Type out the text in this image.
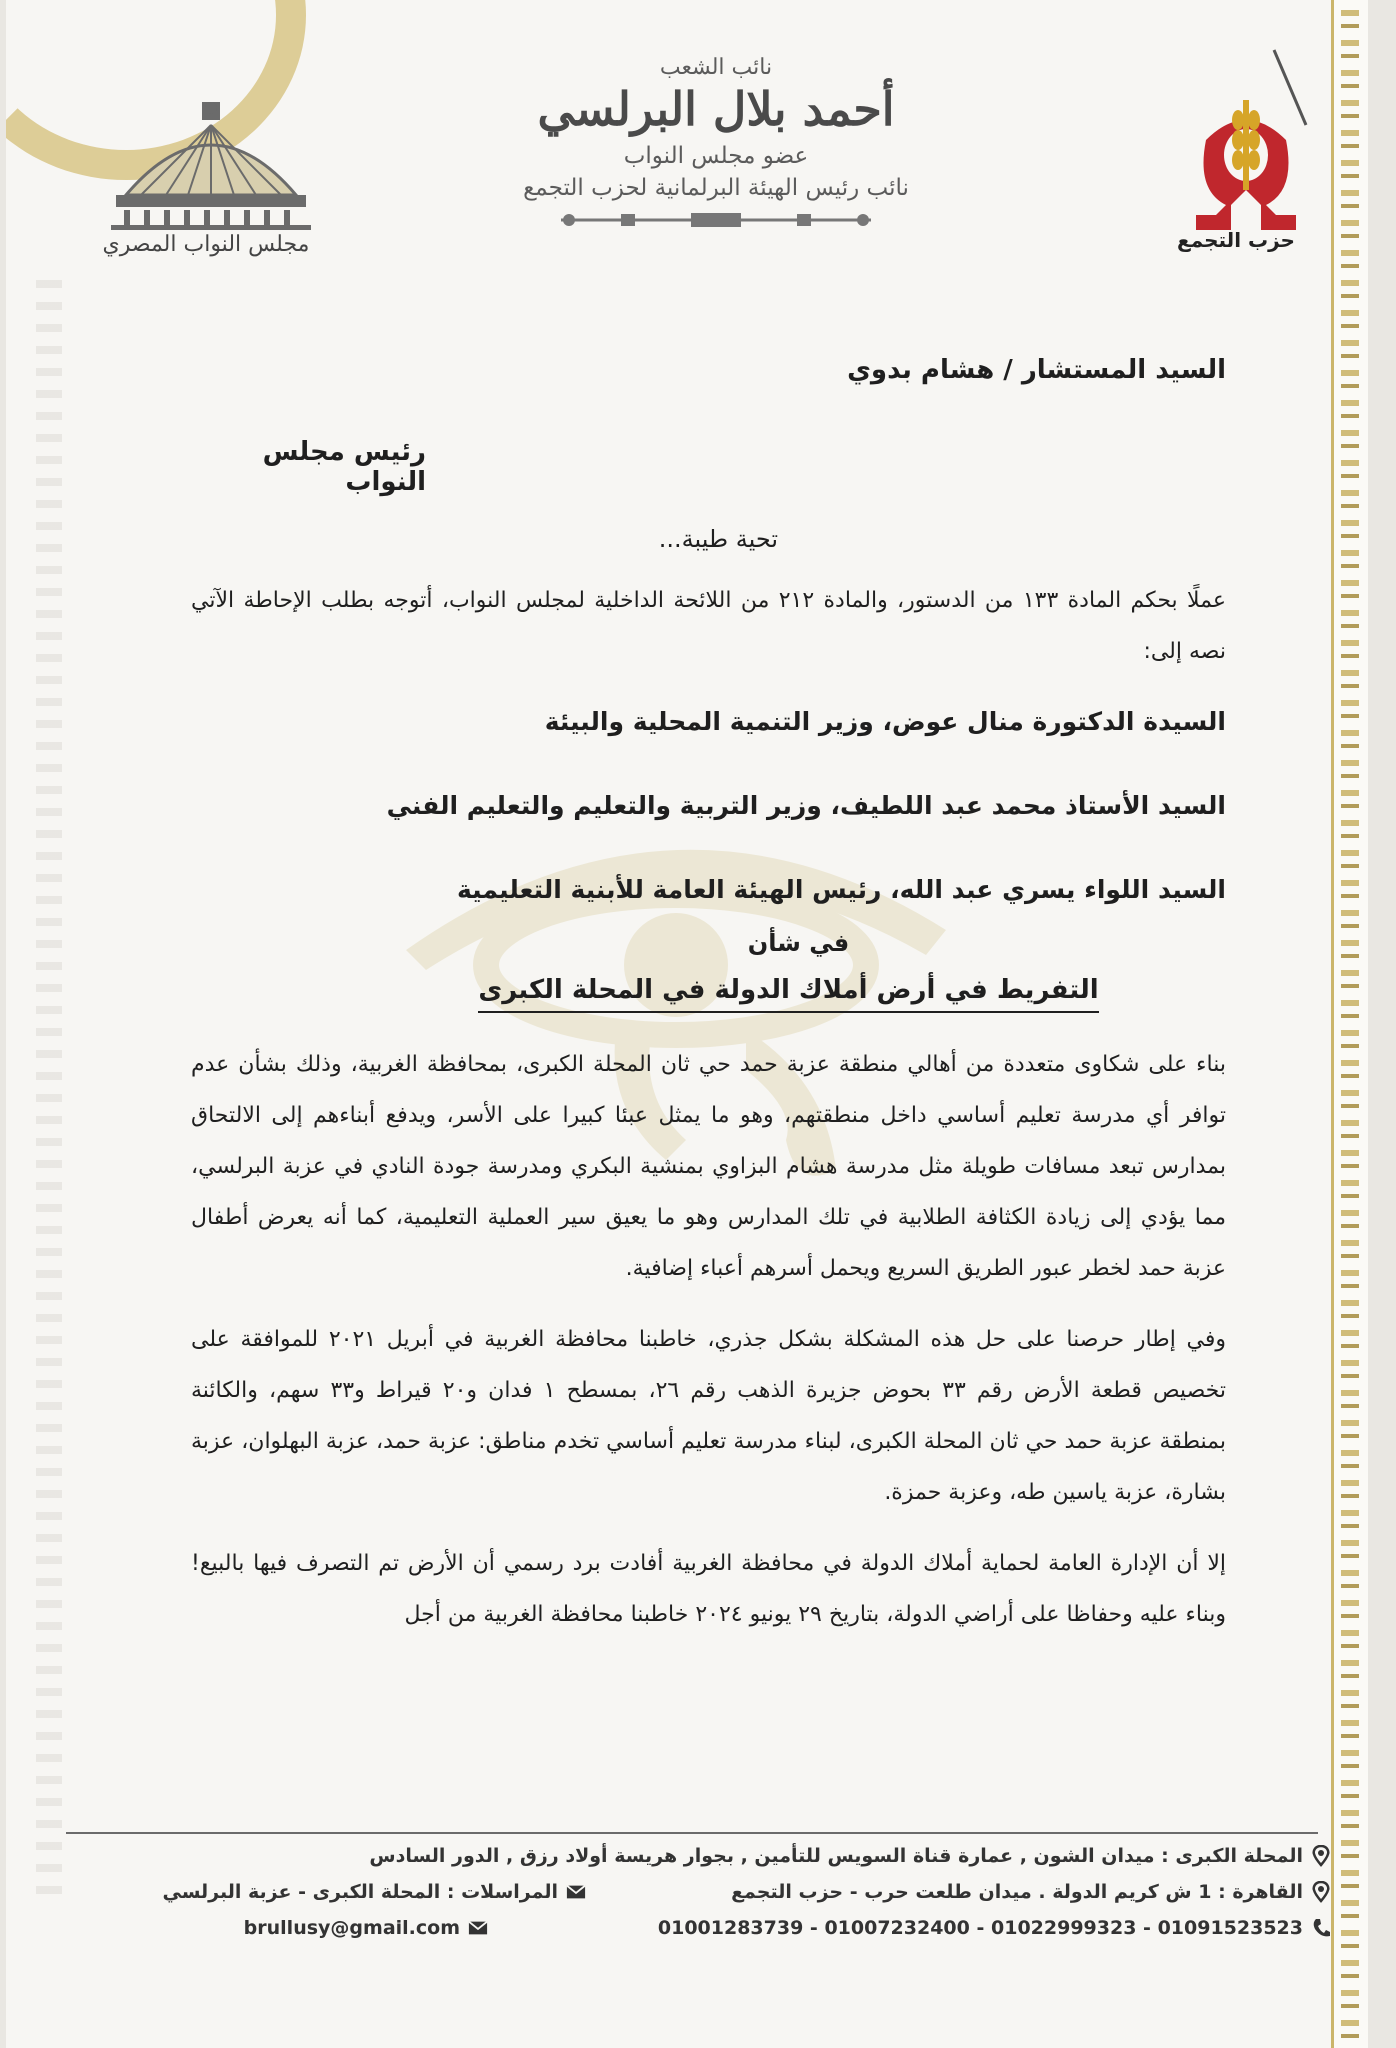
حزب التجمع
مجلس النواب المصري
نائب الشعب
أحمد بلال البرلسي
عضو مجلس النواب
نائب رئيس الهيئة البرلمانية لحزب التجمع
السيد المستشار / هشام بدوي
رئيس مجلس النواب
تحية طيبة...

عملًا بحكم المادة ١٣٣ من الدستور، والمادة ٢١٢ من اللائحة الداخلية لمجلس النواب، أتوجه بطلب الإحاطة الآتي نصه إلى:

السيدة الدكتورة منال عوض، وزير التنمية المحلية والبيئة
السيد الأستاذ محمد عبد اللطيف، وزير التربية والتعليم والتعليم الفني
السيد اللواء يسري عبد الله، رئيس الهيئة العامة للأبنية التعليمية
في شأن
التفريط في أرض أملاك الدولة في المحلة الكبرى

بناء على شكاوى متعددة من أهالي منطقة عزبة حمد حي ثان المحلة الكبرى، بمحافظة الغربية، وذلك بشأن عدم توافر أي مدرسة تعليم أساسي داخل منطقتهم، وهو ما يمثل عبئا كبيرا على الأسر، ويدفع أبناءهم إلى الالتحاق بمدارس تبعد مسافات طويلة مثل مدرسة هشام البزاوي بمنشية البكري ومدرسة جودة النادي في عزبة البرلسي، مما يؤدي إلى زيادة الكثافة الطلابية في تلك المدارس وهو ما يعيق سير العملية التعليمية، كما أنه يعرض أطفال عزبة حمد لخطر عبور الطريق السريع ويحمل أسرهم أعباء إضافية.

وفي إطار حرصنا على حل هذه المشكلة بشكل جذري، خاطبنا محافظة الغربية في أبريل ٢٠٢١ للموافقة على تخصيص قطعة الأرض رقم ٣٣ بحوض جزيرة الذهب رقم ٢٦، بمسطح ١ فدان و٢٠ قيراط و٣٣ سهم، والكائنة بمنطقة عزبة حمد حي ثان المحلة الكبرى، لبناء مدرسة تعليم أساسي تخدم مناطق: عزبة حمد، عزبة البهلوان، عزبة بشارة، عزبة ياسين طه، وعزبة حمزة.

إلا أن الإدارة العامة لحماية أملاك الدولة في محافظة الغربية أفادت برد رسمي أن الأرض تم التصرف فيها بالبيع! وبناء عليه وحفاظا على أراضي الدولة، بتاريخ ٢٩ يونيو ٢٠٢٤ خاطبنا محافظة الغربية من أجل

المحلة الكبرى : ميدان الشون , عمارة قناة السويس للتأمين , بجوار هريسة أولاد رزق , الدور السادس
القاهرة : 1 ش كريم الدولة . ميدان طلعت حرب - حزب التجمع
المراسلات : المحلة الكبرى - عزبة البرلسي
01091523523 - 01022999323 - 01007232400 - 01001283739
brullusy@gmail.com
